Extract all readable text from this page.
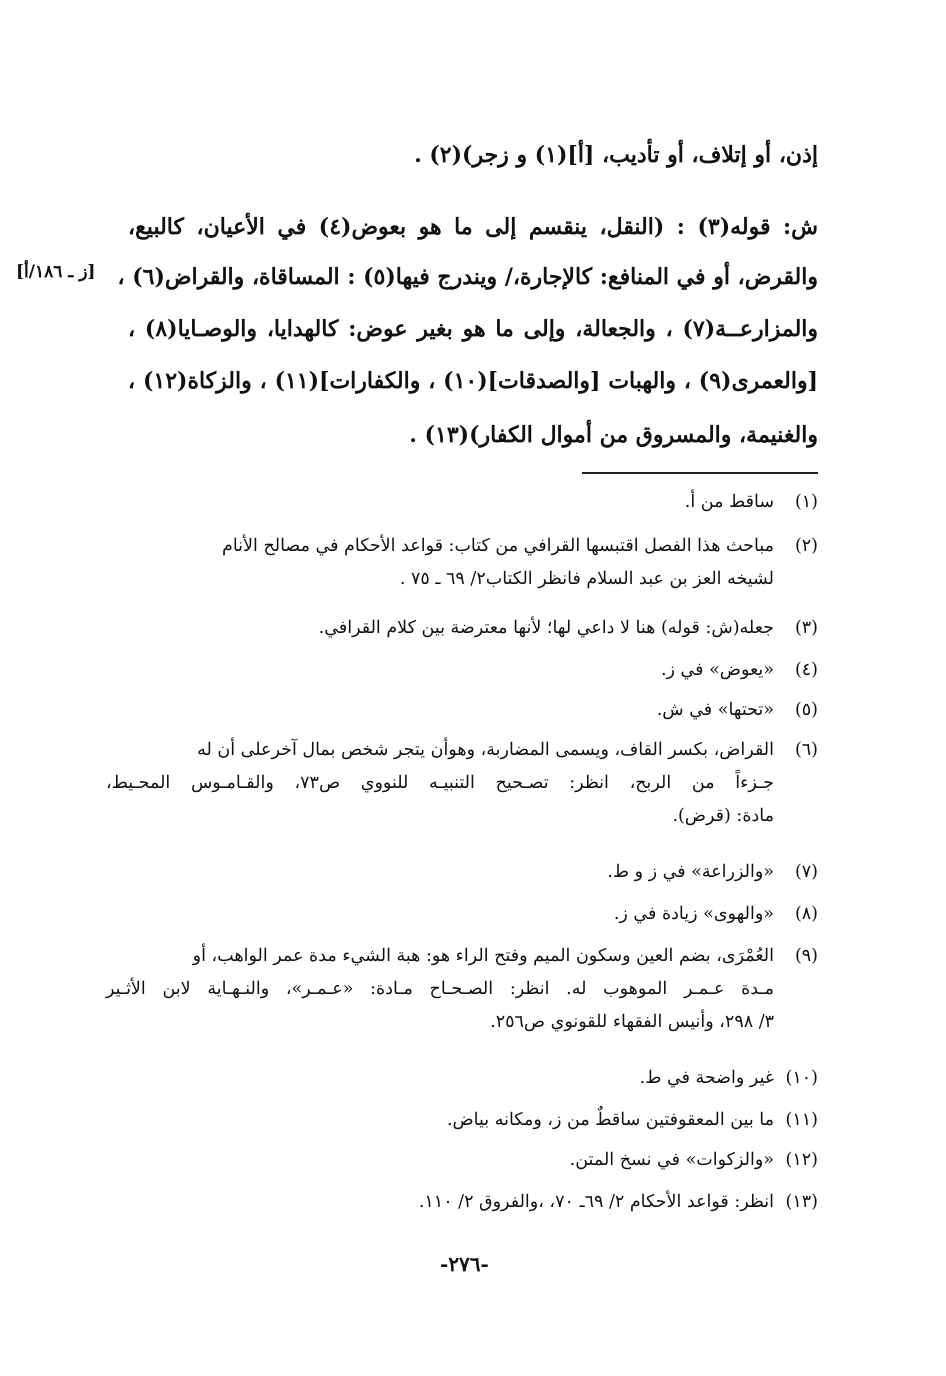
إذن، أو إتلاف، أو تأديب، [أ](١) و زجر)(٢) .
ش: قوله(٣) : (النقل، ينقسم إلى ما هو بعوض(٤) في الأعيان، كالبيع،
والقرض، أو في المنافع: كالإجارة،/ ويندرج فيها(٥) : المساقاة، والقراض(٦) ،
والمزارعــة(٧) ، والجعالة، وإلى ما هو بغير عوض: كالهدايا، والوصـايا(٨) ،
[والعمرى(٩) ، والهبات [والصدقات](١٠) ، والكفارات](١١) ، والزكاة(١٢) ،
والغنيمة، والمسروق من أموال الكفار)(١٣) .
[ز ـ ١٨٦/أ]
(١)ساقط من أ.
(٢)مباحث هذا الفصل اقتبسها القرافي من كتاب: قواعد الأحكام في مصالح الأنام
لشيخه العز بن عبد السلام فانظر الكتاب٢/ ٦٩ ـ ٧٥ .
(٣)جعله(ش: قوله) هنا لا داعي لها؛ لأنها معترضة بين كلام القرافي.
(٤)«يعوض» في ز.
(٥)«تحتها» في ش.
(٦)القراض، بكسر القاف، ويسمى المضاربة، وهوأن يتجر شخص بمال آخرعلى أن له
جـزءاً من الربح، انظر: تصـحيح التنبيـه للنووي ص٧٣، والقـامـوس المحـيط،
مادة: (قرض).
(٧)«والزراعة» في ز و ط.
(٨)«والهوى» زيادة في ز.
(٩)العُمْرَى، بضم العين وسكون الميم وفتح الراء هو: هبة الشيء مدة عمر الواهب، أو
مـدة عـمـر الموهوب له. انظر: الصـحـاح مـادة: «عـمـر»، والنـهـاية لابن الأثـير
٣/ ٢٩٨، وأنيس الفقهاء للقونوي ص٢٥٦.
(١٠)غير واضحة في ط.
(١١)ما بين المعقوفتين ساقطٌ من ز، ومكانه بياض.
(١٢)«والزكوات» في نسخ المتن.
(١٣)انظر: قواعد الأحكام ٢/ ٦٩ـ ٧٠، ،والفروق ٢/ ١١٠.
-٢٧٦-
